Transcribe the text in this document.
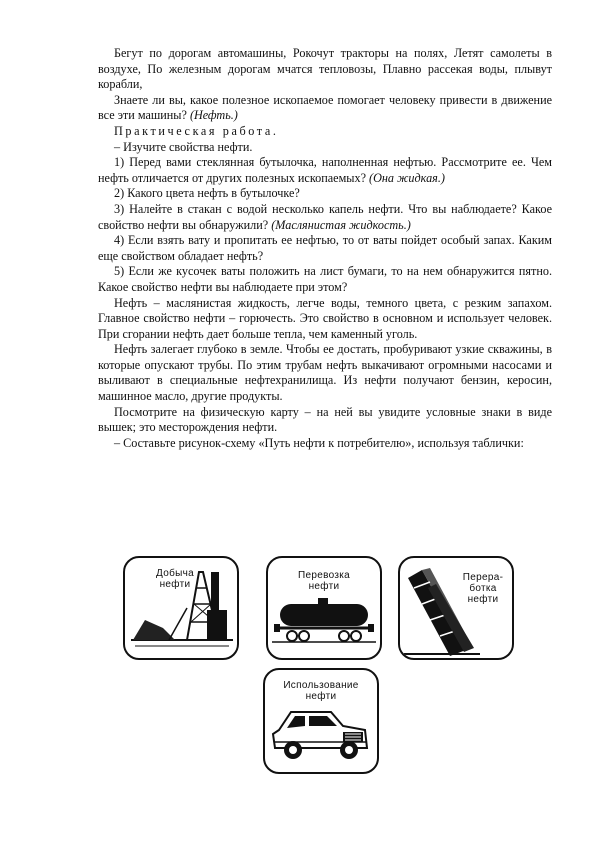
Бегут по дорогам автомашины, Рокочут тракторы на полях, Летят самолеты в воздухе, По железным дорогам мчатся тепловозы, Плавно рассекая воды, плывут корабли,

Знаете ли вы, какое полезное ископаемое помогает человеку привести в движение все эти машины? (Нефть.)

Практическая работа.

– Изучите свойства нефти.

1) Перед вами стеклянная бутылочка, наполненная нефтью. Рассмотрите ее. Чем нефть отличается от других полезных ископаемых? (Она жидкая.)

2) Какого цвета нефть в бутылочке?

3) Налейте в стакан с водой несколько капель нефти. Что вы наблюдаете? Какое свойство нефти вы обнаружили? (Маслянистая жидкость.)

4) Если взять вату и пропитать ее нефтью, то от ваты пойдет особый запах. Каким еще свойством обладает нефть?

5) Если же кусочек ваты положить на лист бумаги, то на нем обнаружится пятно. Какое свойство нефти вы наблюдаете при этом?

Нефть – маслянистая жидкость, легче воды, темного цвета, с резким запахом. Главное свойство нефти – горючесть. Это свойство в основном и использует человек. При сгорании нефть дает больше тепла, чем каменный уголь.

Нефть залегает глубоко в земле. Чтобы ее достать, пробуривают узкие скважины, в которые опускают трубы. По этим трубам нефть выкачивают огромными насосами и выливают в специальные нефтехранилища. Из нефти получают бензин, керосин, машинное масло, другие продукты.

Посмотрите на физическую карту – на ней вы увидите условные знаки в виде вышек; это месторождения нефти.

– Составьте рисунок-схему «Путь нефти к потребителю», используя таблички:

Добыча
нефти
Перевозка
нефти
Перера-
ботка
нефти
Использование
нефти
